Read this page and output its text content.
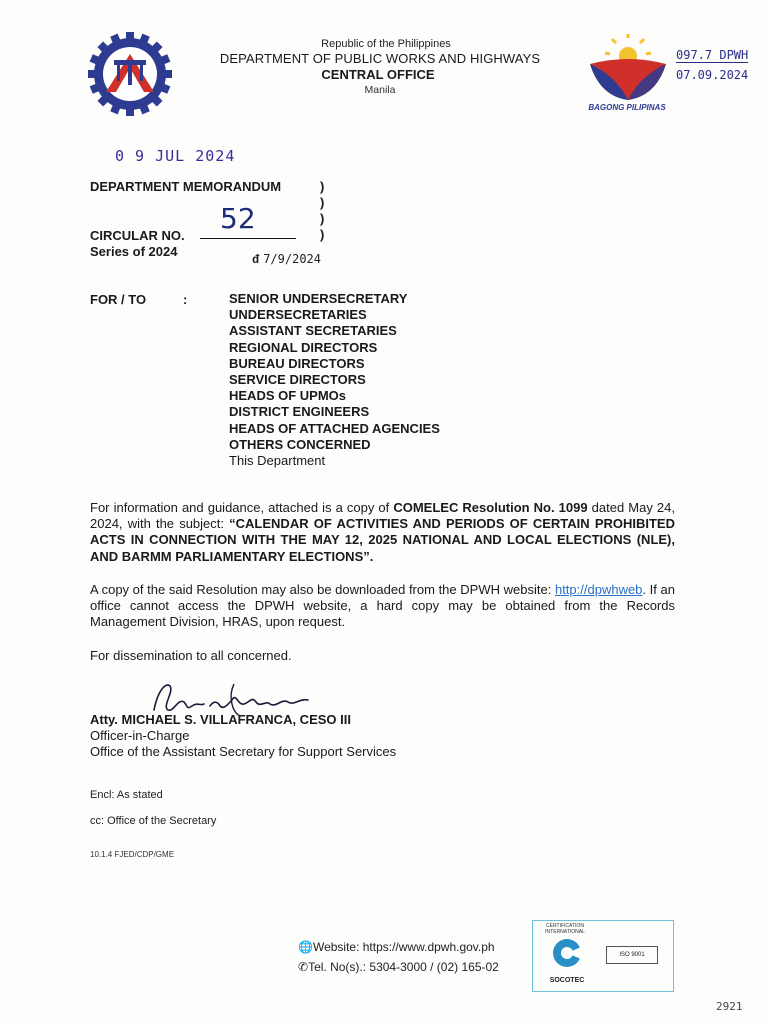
Republic of the Philippines
DEPARTMENT OF PUBLIC WORKS AND HIGHWAYS
CENTRAL OFFICE
Manila
BAGONG PILIPINAS
097.7 DPWH
07.09.2024
0 9 JUL 2024
DEPARTMENT MEMORANDUM	)
)
)
)
52
CIRCULAR NO.
Series of 2024	ᵭ 7/9/2024
FOR / TO	:	SENIOR UNDERSECRETARY
UNDERSECRETARIES
ASSISTANT SECRETARIES
REGIONAL DIRECTORS
BUREAU DIRECTORS
SERVICE DIRECTORS
HEADS OF UPMOs
DISTRICT ENGINEERS
HEADS OF ATTACHED AGENCIES
OTHERS CONCERNED
This Department
For information and guidance, attached is a copy of COMELEC Resolution No. 1099 dated May 24, 2024, with the subject: “CALENDAR OF ACTIVITIES AND PERIODS OF CERTAIN PROHIBITED ACTS IN CONNECTION WITH THE MAY 12, 2025 NATIONAL AND LOCAL ELECTIONS (NLE), AND BARMM PARLIAMENTARY ELECTIONS”.
A copy of the said Resolution may also be downloaded from the DPWH website: http://dpwhweb. If an office cannot access the DPWH website, a hard copy may be obtained from the Records Management Division, HRAS, upon request.
For dissemination to all concerned.
Atty. MICHAEL S. VILLAFRANCA, CESO III
Officer-in-Charge
Office of the Assistant Secretary for Support Services
Encl: As stated
cc: Office of the Secretary
10.1.4 FJED/CDP/GME
🌐Website: https://www.dpwh.gov.ph
✆Tel. No(s).: 5304-3000 / (02) 165-02
CERTIFICATION INTERNATIONAL
SOCOTEC
ISO 9001
2921
